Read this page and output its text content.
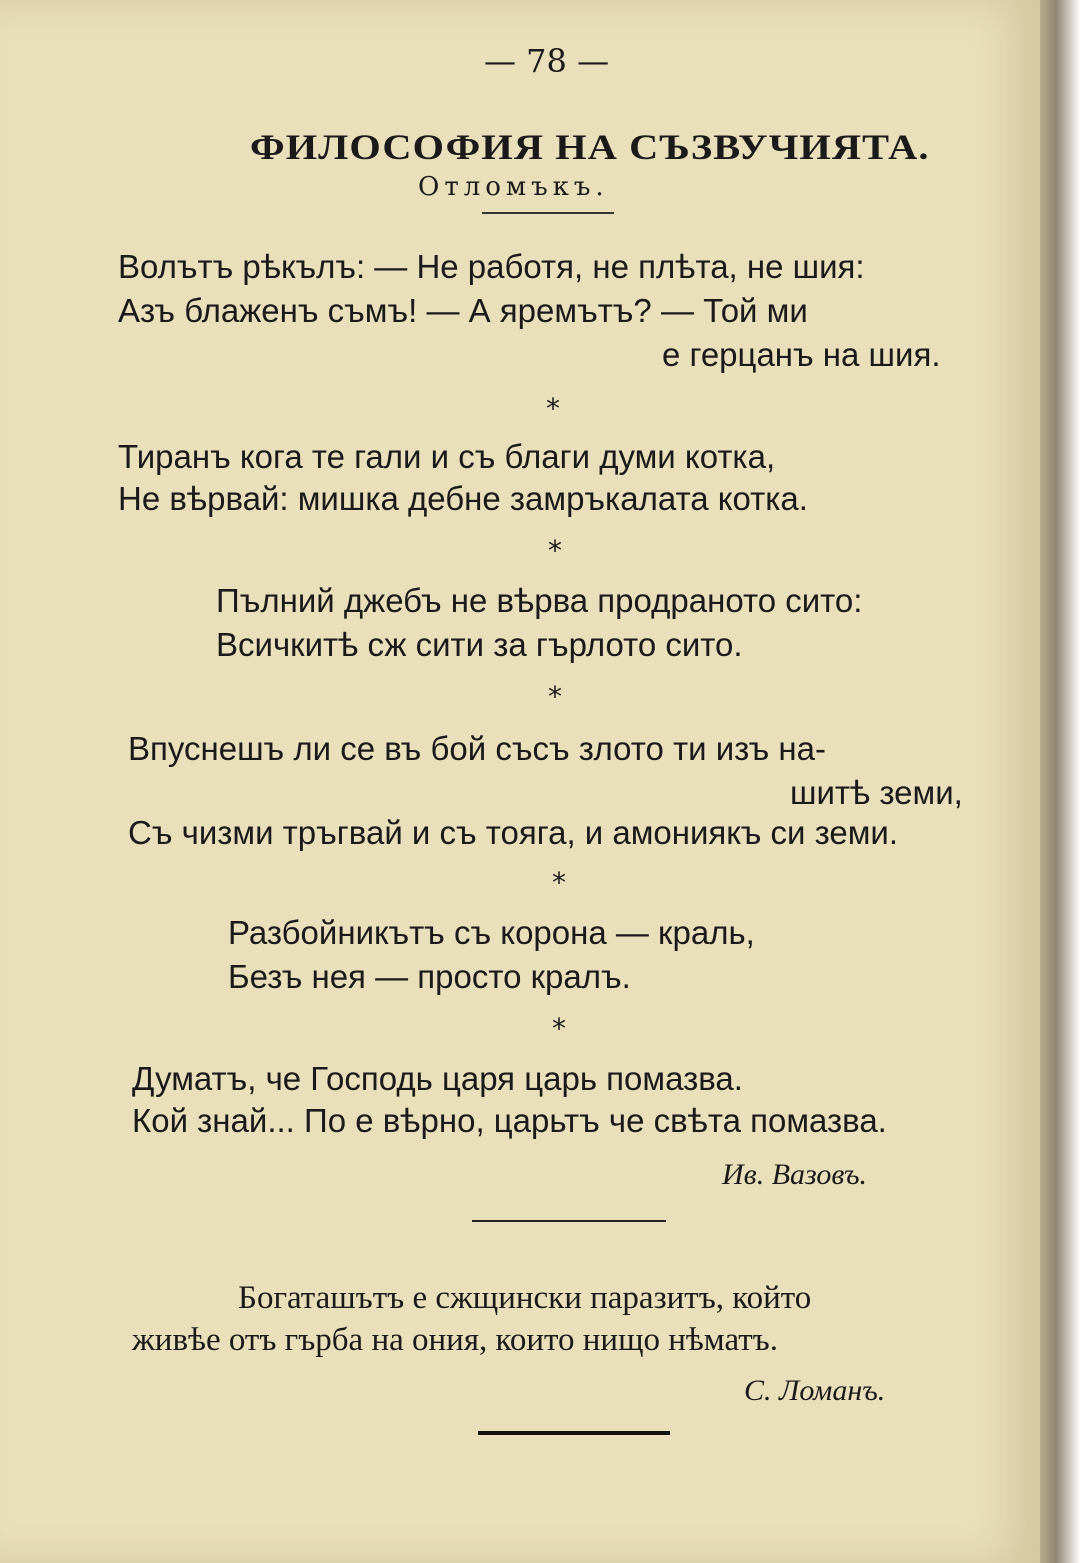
— 78 —
ФИЛОСОФИЯ НА СЪЗВУЧИЯТА.
Отломъкъ.
Волътъ рѣкълъ: — Не работя, не плѣта, не шия:
Азъ блаженъ съмъ! — А яремътъ? — Той ми
е герцанъ на шия.
*
Тиранъ кога те гали и съ благи думи котка,
Не вѣрвай: мишка дебне замръкалата котка.
*
Пълний джебъ не вѣрва продраното сито:
Всичкитѣ сж сити за гърлото сито.
*
Впуснешъ ли се въ бой съсъ злото ти изъ на-
шитѣ земи,
Съ чизми тръгвай и съ тояга, и амониякъ си земи.
*
Разбойникътъ съ корона — краль,
Безъ нея — просто кралъ.
*
Думатъ, че Господь царя царь помазва.
Кой знай... По е вѣрно, царьтъ че свѣта помазва.
Ив. Вазовъ.
Богаташътъ е сжщински паразитъ, който
живѣе отъ гърба на ония, които нищо нѣматъ.
С. Ломанъ.
